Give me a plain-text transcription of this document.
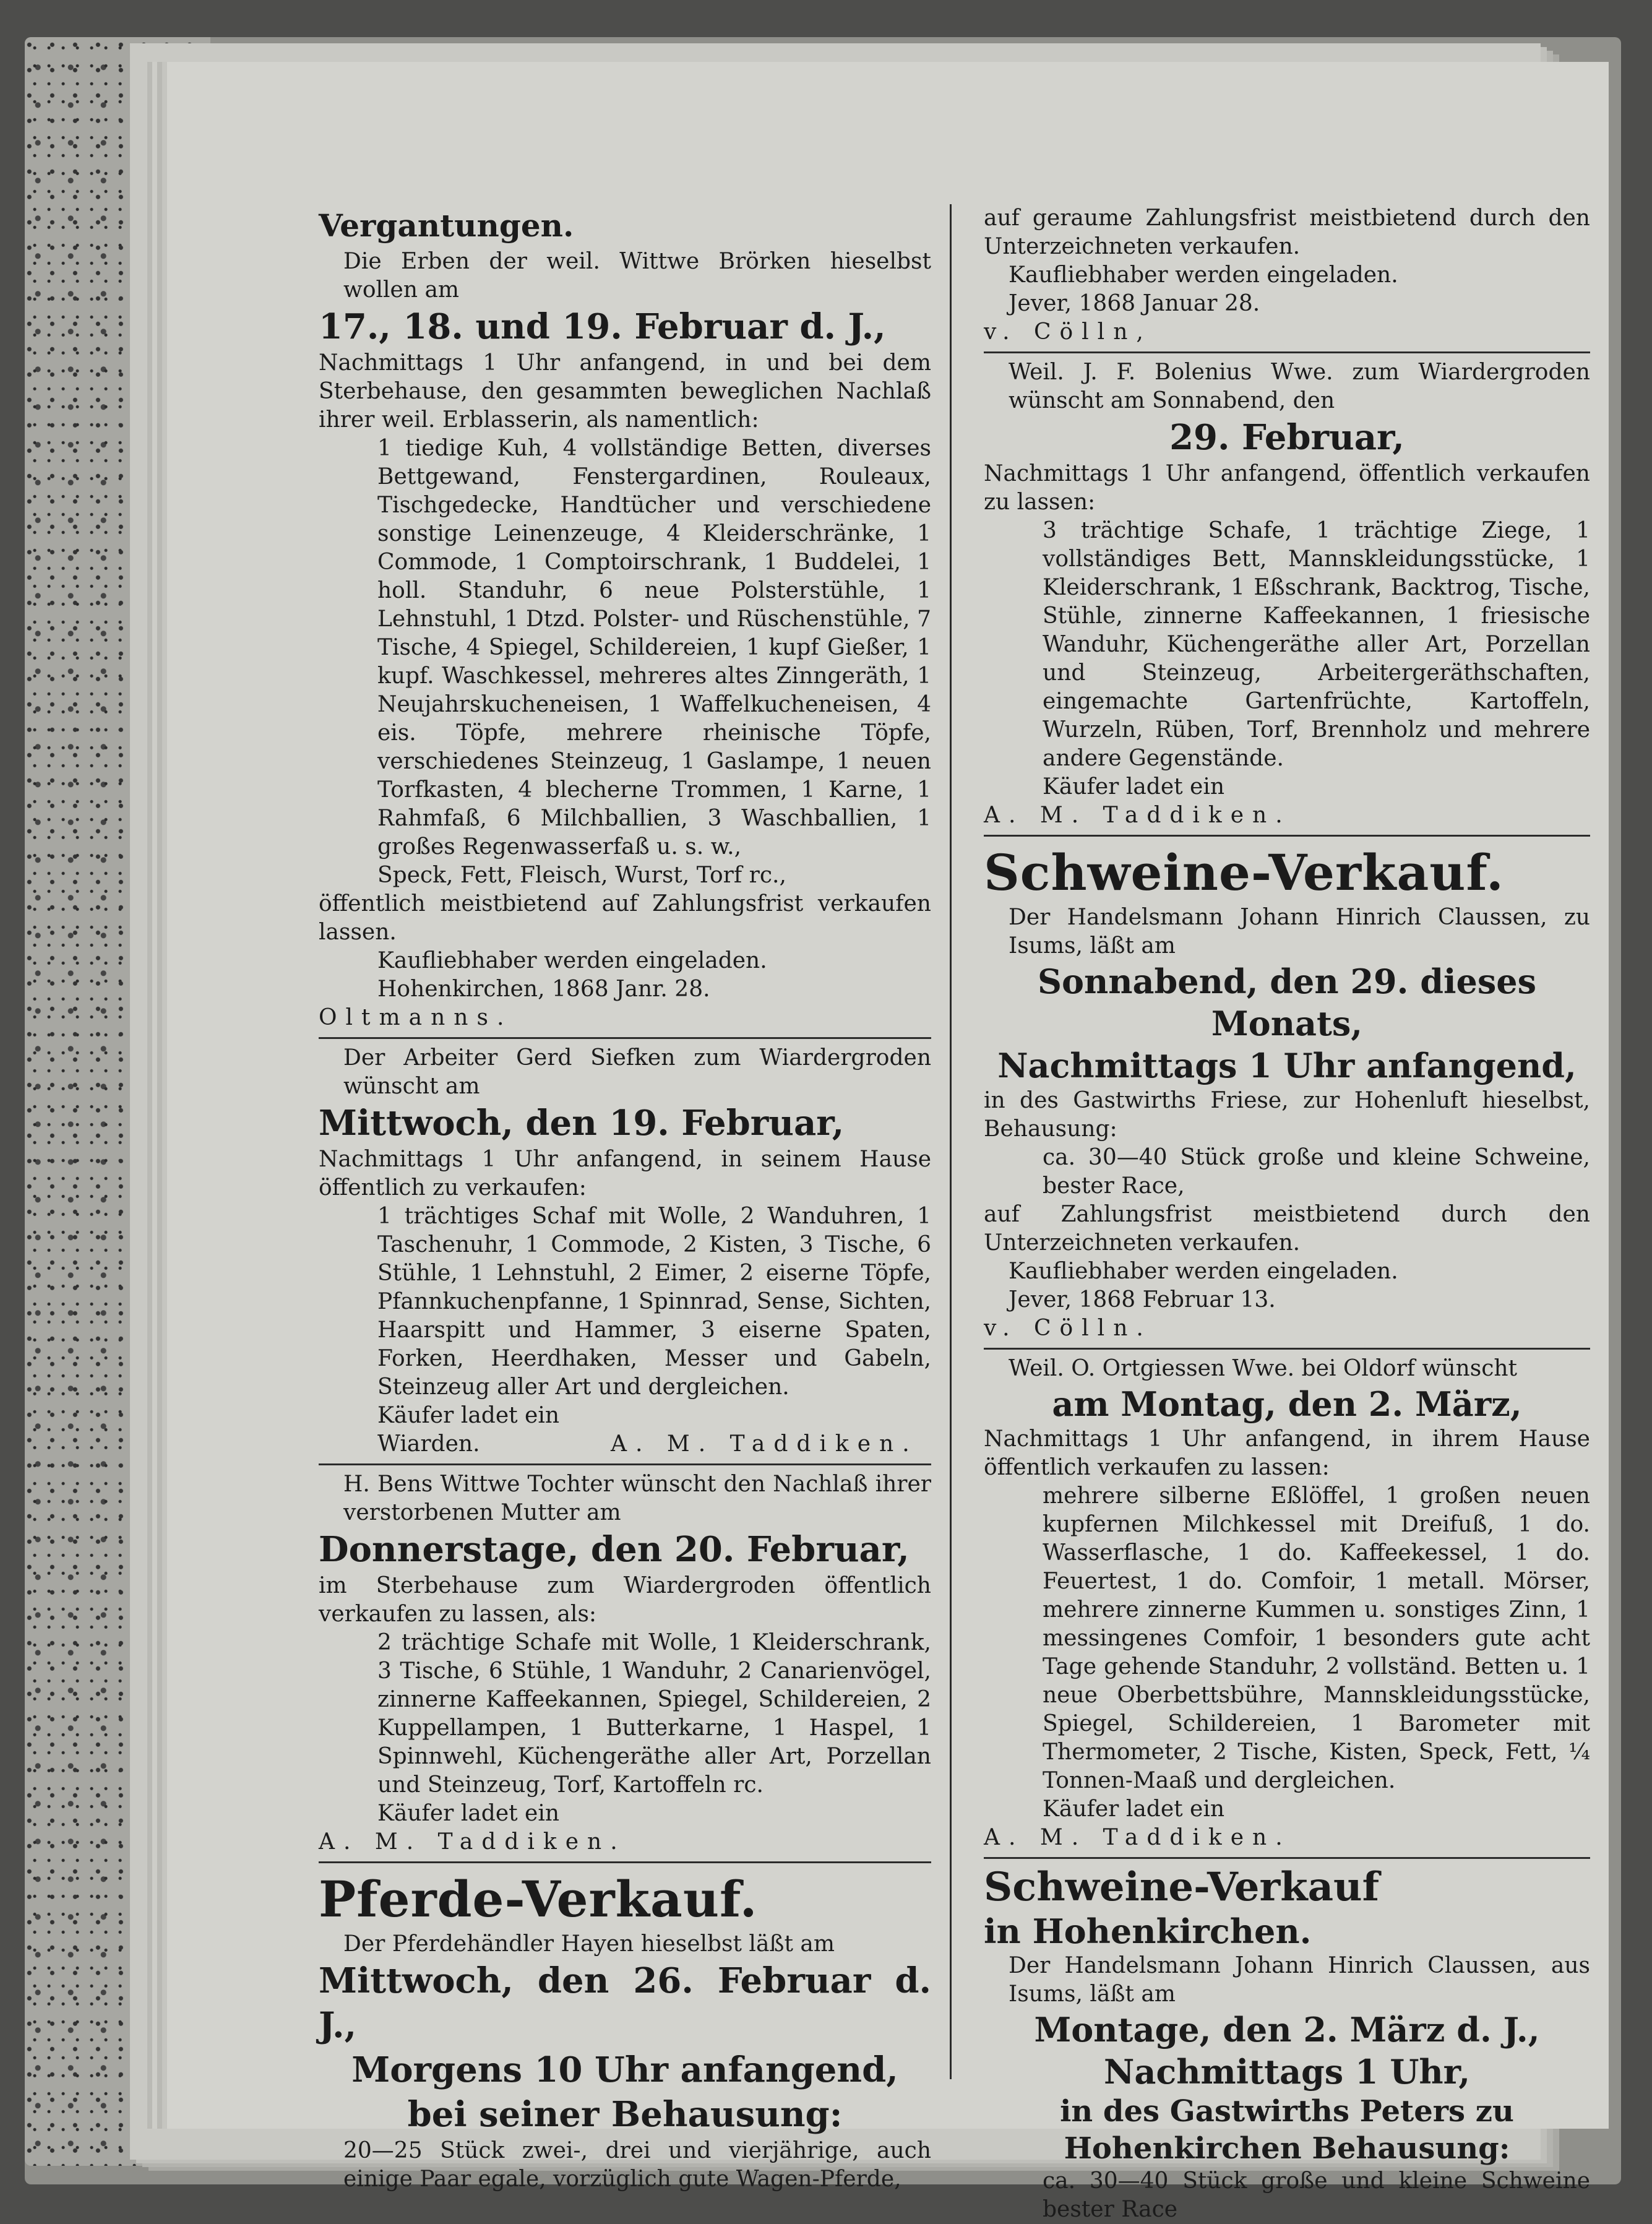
Vergantungen.

Die Erben der weil. Wittwe Brörken hieselbst wollen am

17., 18. und 19. Februar d. J.,

Nachmittags 1 Uhr anfangend, in und bei dem Sterbehause, den gesammten beweglichen Nachlaß ihrer weil. Erblasserin, als namentlich:

1 tiedige Kuh, 4 vollständige Betten, diverses Bettgewand, Fenstergardinen, Rouleaux, Tischgedecke, Handtücher und verschiedene sonstige Leinenzeuge, 4 Kleiderschränke, 1 Commode, 1 Comptoirschrank, 1 Buddelei, 1 holl. Standuhr, 6 neue Polsterstühle, 1 Lehnstuhl, 1 Dtzd. Polster- und Rüschenstühle, 7 Tische, 4 Spiegel, Schildereien, 1 kupf Gießer, 1 kupf. Waschkessel, mehreres altes Zinngeräth, 1 Neujahrskucheneisen, 1 Waffelkucheneisen, 4 eis. Töpfe, mehrere rheinische Töpfe, verschiedenes Steinzeug, 1 Gaslampe, 1 neuen Torfkasten, 4 blecherne Trommen, 1 Karne, 1 Rahmfaß, 6 Milchballien, 3 Waschballien, 1 großes Regenwasserfaß u. s. w.,

Speck, Fett, Fleisch, Wurst, Torf rc.,

öffentlich meistbietend auf Zahlungsfrist verkaufen lassen.

Kaufliebhaber werden eingeladen.

Hohenkirchen, 1868 Janr. 28.

Oltmanns.

Der Arbeiter Gerd Siefken zum Wiardergroden wünscht am

Mittwoch, den 19. Februar,

Nachmittags 1 Uhr anfangend, in seinem Hause öffentlich zu verkaufen:

1 trächtiges Schaf mit Wolle, 2 Wanduhren, 1 Taschenuhr, 1 Commode, 2 Kisten, 3 Tische, 6 Stühle, 1 Lehnstuhl, 2 Eimer, 2 eiserne Töpfe, Pfannkuchenpfanne, 1 Spinnrad, Sense, Sichten, Haarspitt und Hammer, 3 eiserne Spaten, Forken, Heerdhaken, Messer und Gabeln, Steinzeug aller Art und dergleichen.

Käufer ladet ein

Wiarden.	A. M. Taddiken.

H. Bens Wittwe Tochter wünscht den Nachlaß ihrer verstorbenen Mutter am

Donnerstage, den 20. Februar,

im Sterbehause zum Wiardergroden öffentlich verkaufen zu lassen, als:

2 trächtige Schafe mit Wolle, 1 Kleiderschrank, 3 Tische, 6 Stühle, 1 Wanduhr, 2 Canarienvögel, zinnerne Kaffeekannen, Spiegel, Schildereien, 2 Kuppellampen, 1 Butterkarne, 1 Haspel, 1 Spinnwehl, Küchengeräthe aller Art, Porzellan und Steinzeug, Torf, Kartoffeln rc.

Käufer ladet ein

A. M. Taddiken.

Pferde-Verkauf.

Der Pferdehändler Hayen hieselbst läßt am

Mittwoch, den 26. Februar d. J.,

Morgens 10 Uhr anfangend,

bei seiner Behausung:

20—25 Stück zwei-, drei und vierjährige, auch einige Paar egale, vorzüglich gute Wagen-Pferde,

auf geraume Zahlungsfrist meistbietend durch den Unterzeichneten verkaufen.

Kaufliebhaber werden eingeladen.

Jever, 1868 Januar 28.

v. Cölln,

Weil. J. F. Bolenius Wwe. zum Wiardergroden wünscht am Sonnabend, den

29. Februar,

Nachmittags 1 Uhr anfangend, öffentlich verkaufen zu lassen:

3 trächtige Schafe, 1 trächtige Ziege, 1 vollständiges Bett, Mannskleidungsstücke, 1 Kleiderschrank, 1 Eßschrank, Backtrog, Tische, Stühle, zinnerne Kaffeekannen, 1 friesische Wanduhr, Küchengeräthe aller Art, Porzellan und Steinzeug, Arbeitergeräthschaften, eingemachte Gartenfrüchte, Kartoffeln, Wurzeln, Rüben, Torf, Brennholz und mehrere andere Gegenstände.

Käufer ladet ein

A. M. Taddiken.

Schweine-Verkauf.

Der Handelsmann Johann Hinrich Claussen, zu Isums, läßt am

Sonnabend, den 29. dieses Monats,

Nachmittags 1 Uhr anfangend,

in des Gastwirths Friese, zur Hohenluft hieselbst, Behausung:

ca. 30—40 Stück große und kleine Schweine, bester Race,

auf Zahlungsfrist meistbietend durch den Unterzeichneten verkaufen.

Kaufliebhaber werden eingeladen.

Jever, 1868 Februar 13.

v. Cölln.

Weil. O. Ortgiessen Wwe. bei Oldorf wünscht

am Montag, den 2. März,

Nachmittags 1 Uhr anfangend, in ihrem Hause öffentlich verkaufen zu lassen:

mehrere silberne Eßlöffel, 1 großen neuen kupfernen Milchkessel mit Dreifuß, 1 do. Wasserflasche, 1 do. Kaffeekessel, 1 do. Feuertest, 1 do. Comfoir, 1 metall. Mörser, mehrere zinnerne Kummen u. sonstiges Zinn, 1 messingenes Comfoir, 1 besonders gute acht Tage gehende Standuhr, 2 vollständ. Betten u. 1 neue Oberbettsbühre, Mannskleidungsstücke, Spiegel, Schildereien, 1 Barometer mit Thermometer, 2 Tische, Kisten, Speck, Fett, ¼ Tonnen-Maaß und dergleichen.

Käufer ladet ein

A. M. Taddiken.

Schweine-Verkauf

in Hohenkirchen.

Der Handelsmann Johann Hinrich Claussen, aus Isums, läßt am

Montage, den 2. März d. J.,

Nachmittags 1 Uhr,

in des Gastwirths Peters zu Hohenkirchen Behausung:

ca. 30—40 Stück große und kleine Schweine bester Race
